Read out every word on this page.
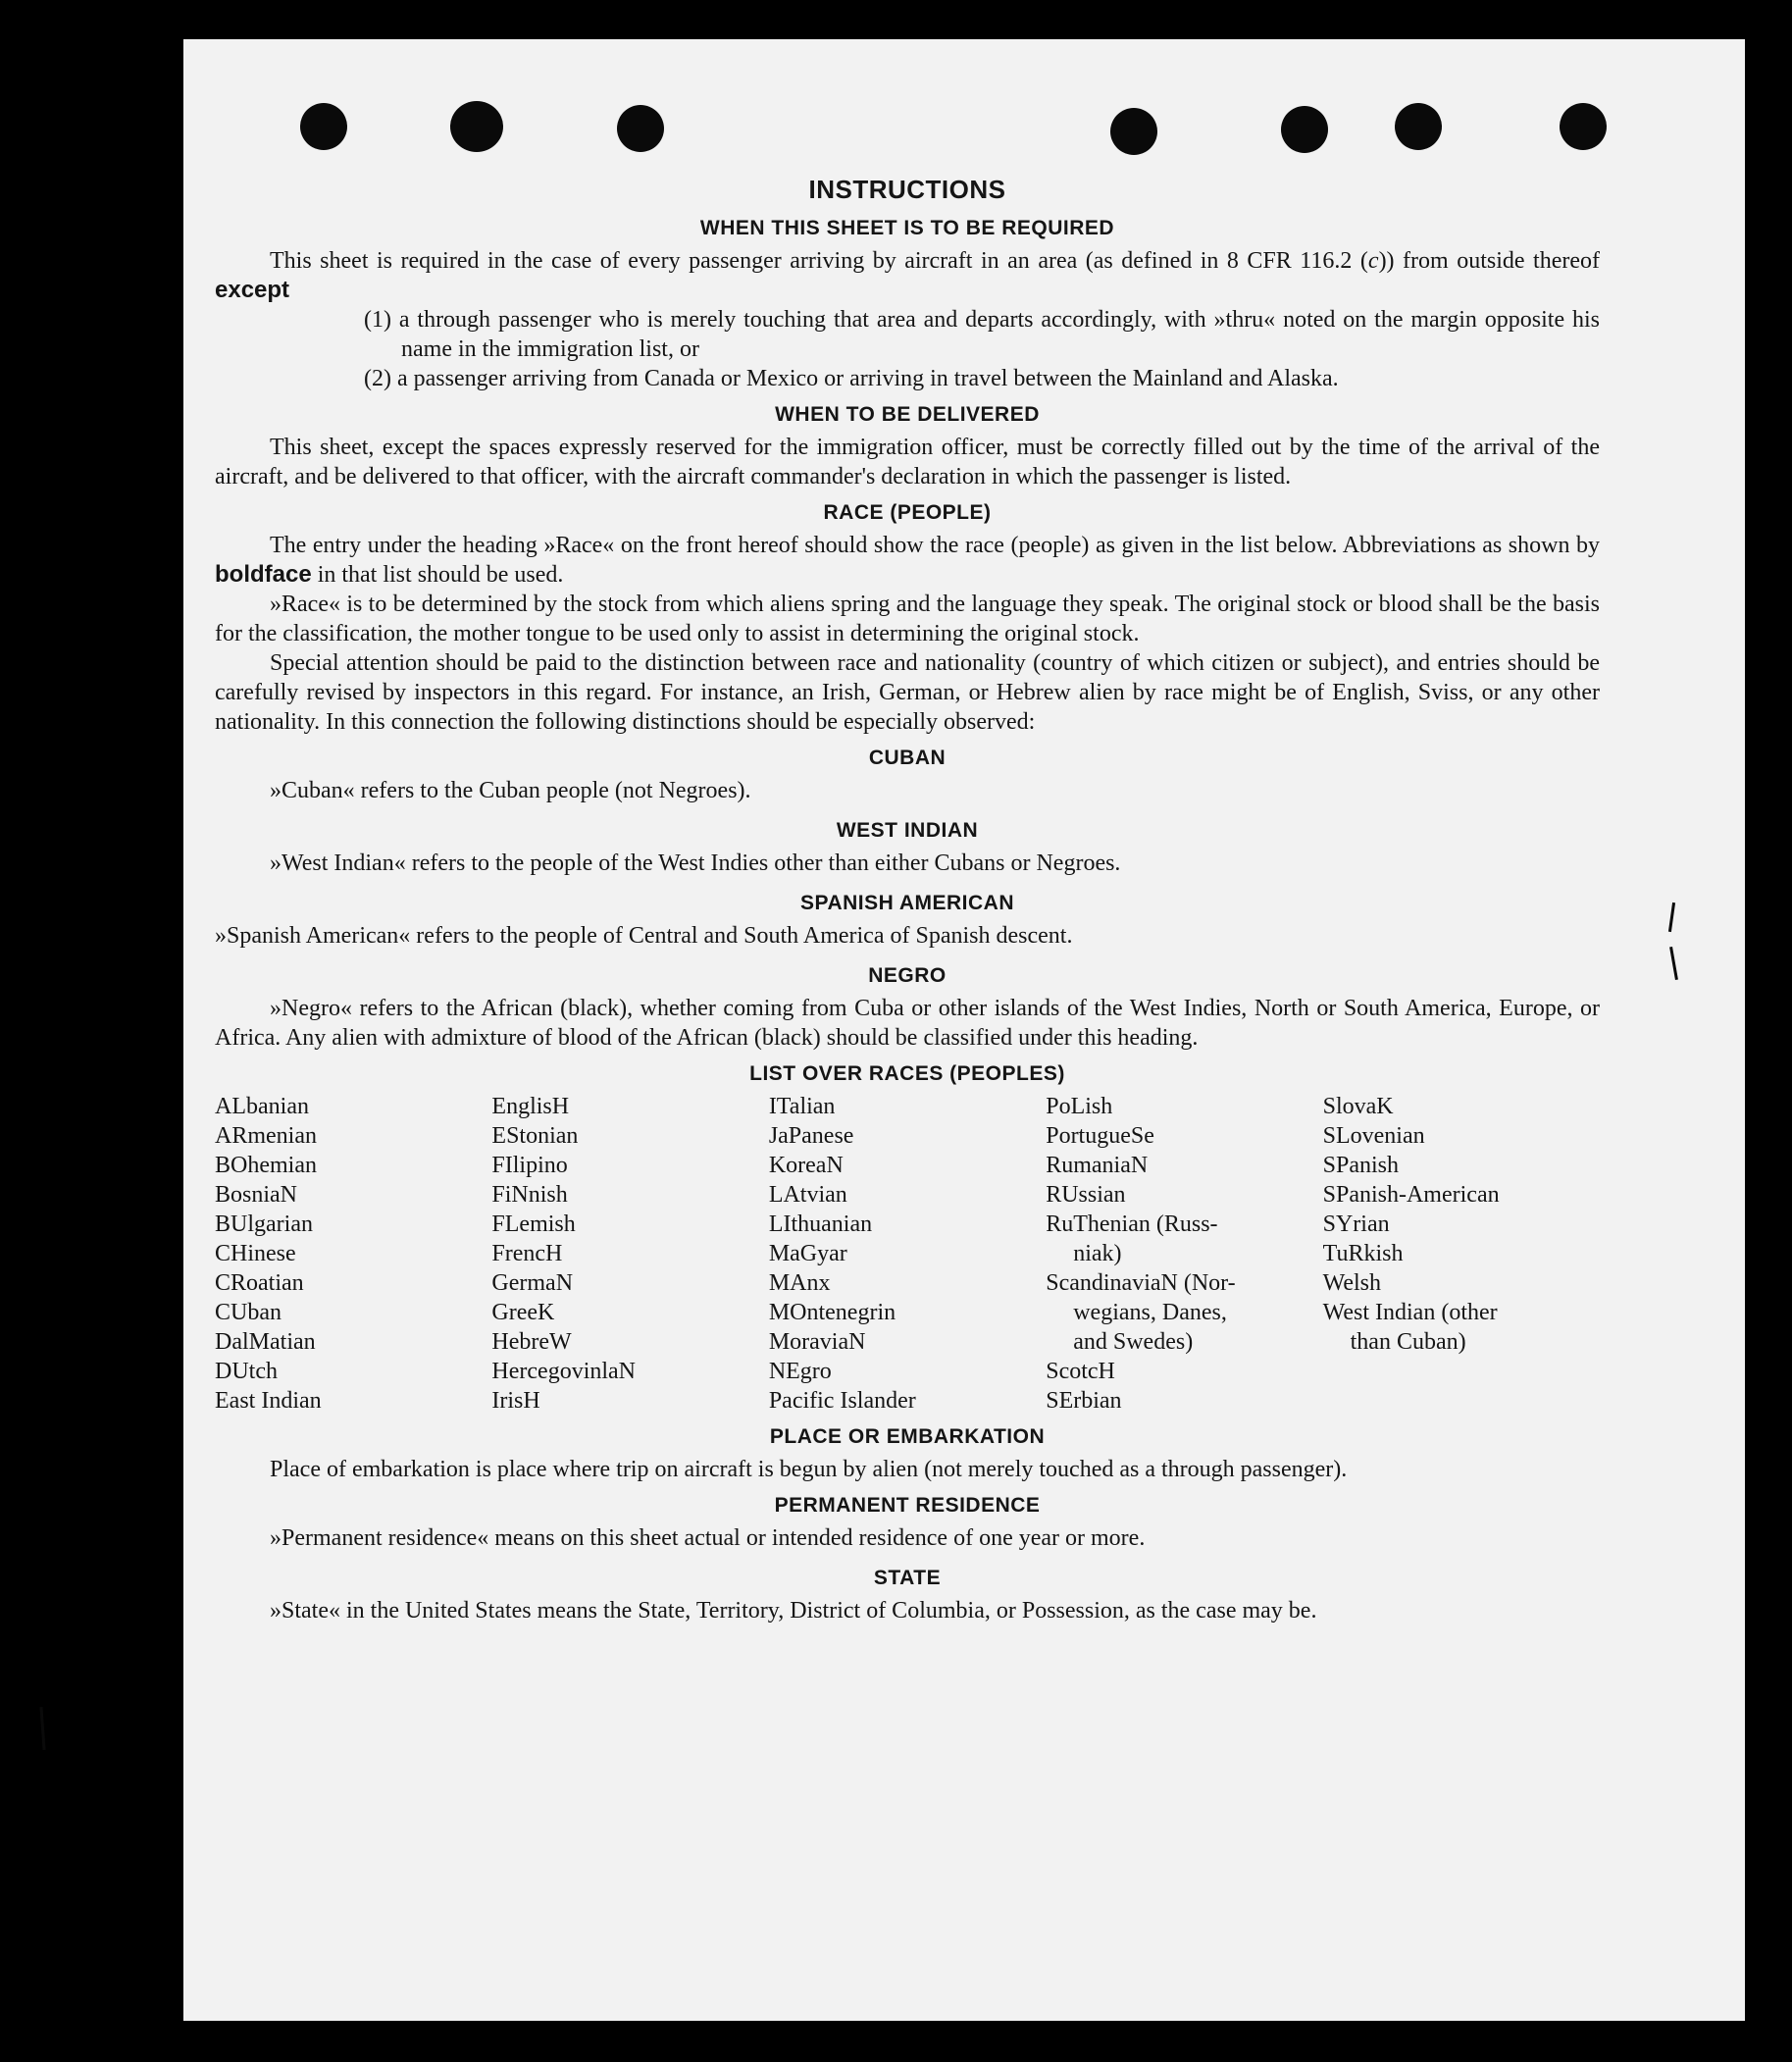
INSTRUCTIONS
WHEN THIS SHEET IS TO BE REQUIRED

This sheet is required in the case of every passenger arriving by aircraft in an area (as defined in 8 CFR 116.2 (c)) from outside thereof except

(1) a through passenger who is merely touching that area and departs accordingly, with »thru« noted on the margin opposite his name in the immigration list, or

(2) a passenger arriving from Canada or Mexico or arriving in travel between the Mainland and Alaska.

WHEN TO BE DELIVERED

This sheet, except the spaces expressly reserved for the immigration officer, must be correctly filled out by the time of the arrival of the aircraft, and be delivered to that officer, with the aircraft commander's declaration in which the passenger is listed.

RACE (PEOPLE)

The entry under the heading »Race« on the front hereof should show the race (people) as given in the list below. Abbreviations as shown by boldface in that list should be used.

»Race« is to be determined by the stock from which aliens spring and the language they speak. The original stock or blood shall be the basis for the classification, the mother tongue to be used only to assist in determining the original stock.

Special attention should be paid to the distinction between race and nationality (country of which citizen or subject), and entries should be carefully revised by inspectors in this regard. For instance, an Irish, German, or Hebrew alien by race might be of English, Sviss, or any other nationality. In this connection the following distinctions should be especially observed:

CUBAN

»Cuban« refers to the Cuban people (not Negroes).

WEST INDIAN

»West Indian« refers to the people of the West Indies other than either Cubans or Negroes.

SPANISH AMERICAN

»Spanish American« refers to the people of Central and South America of Spanish descent.

NEGRO

»Negro« refers to the African (black), whether coming from Cuba or other islands of the West Indies, North or South America, Europe, or Africa. Any alien with admixture of blood of the African (black) should be classified under this heading.

LIST OVER RACES (PEOPLES)
ALbanian
ARmenian
BOhemian
BosniaN
BUlgarian
CHinese
CRoatian
CUban
DalMatian
DUtch
East Indian
EnglisH
EStonian
FIlipino
FiNnish
FLemish
FrencH
GermaN
GreeK
HebreW
HercegovinlaN
IrisH
ITalian
JaPanese
KoreaN
LAtvian
LIthuanian
MaGyar
MAnx
MOntenegrin
MoraviaN
NEgro
Pacific Islander
PoLish
PortugueSe
RumaniaN
RUssian
RuThenian (Russ-
niak)
ScandinaviaN (Nor-
wegians, Danes,
and Swedes)
ScotcH
SErbian
SlovaK
SLovenian
SPanish
SPanish-American
SYrian
TuRkish
Welsh
West Indian (other
than Cuban)
PLACE OR EMBARKATION

Place of embarkation is place where trip on aircraft is begun by alien (not merely touched as a through passenger).

PERMANENT RESIDENCE

»Permanent residence« means on this sheet actual or intended residence of one year or more.

STATE

»State« in the United States means the State, Territory, District of Columbia, or Possession, as the case may be.
